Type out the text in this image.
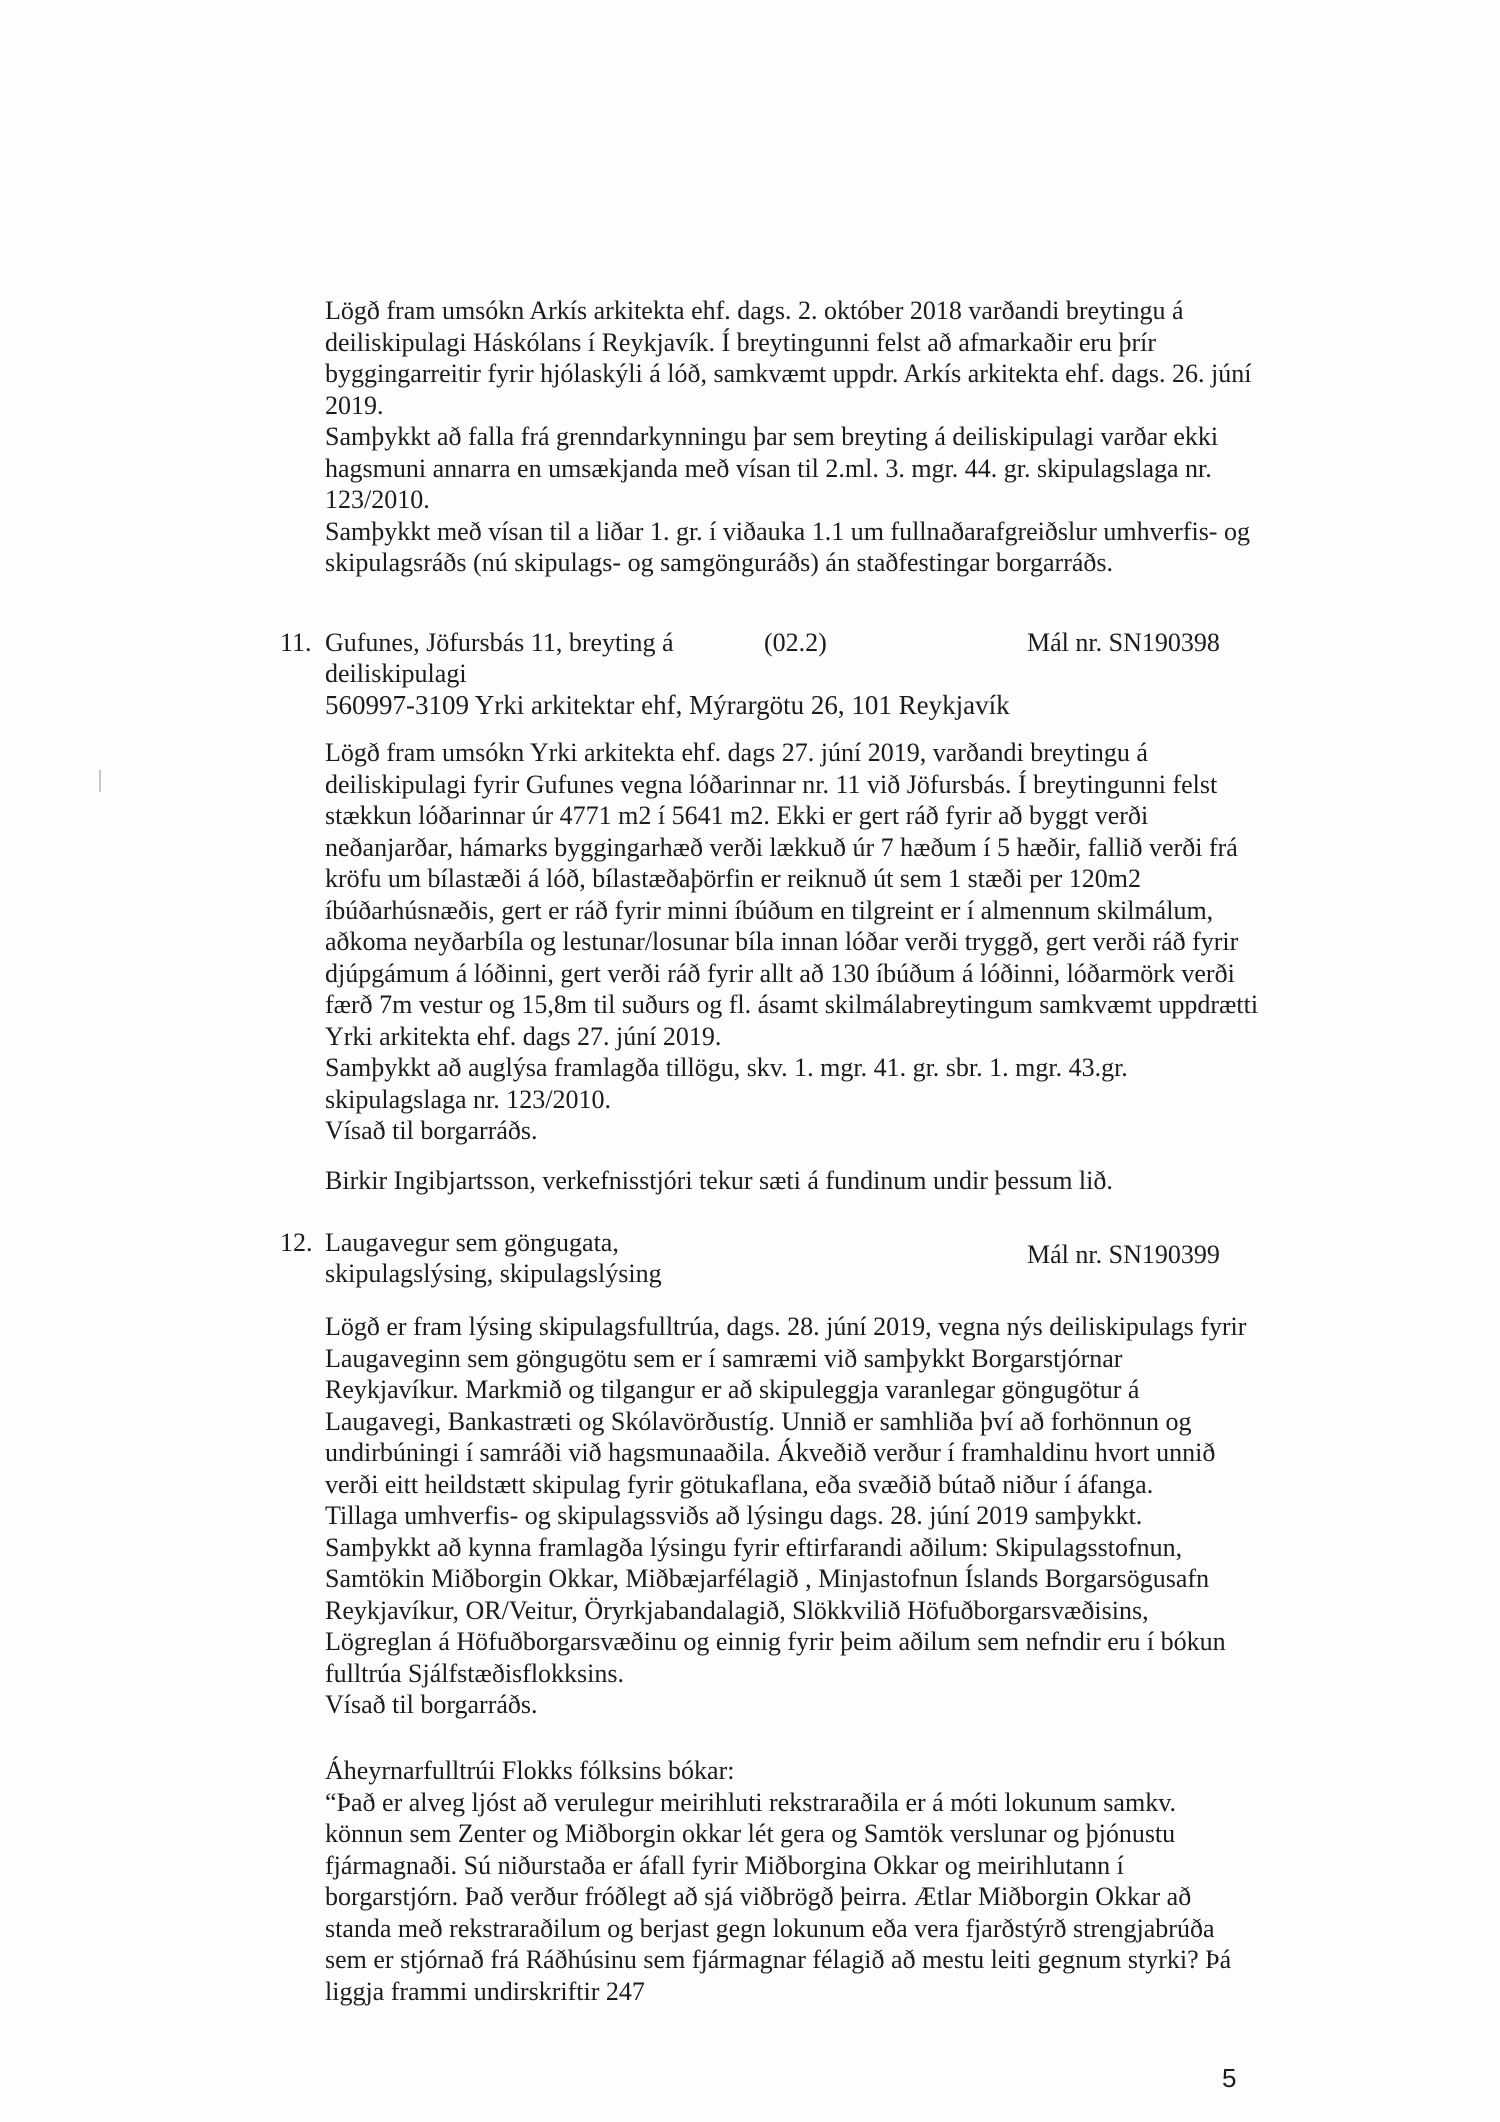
Lögð fram umsókn Arkís arkitekta ehf. dags. 2. október 2018 varðandi breytingu á deiliskipulagi Háskólans í Reykjavík. Í breytingunni felst að afmarkaðir eru þrír byggingarreitir fyrir hjólaskýli á lóð, samkvæmt uppdr. Arkís arkitekta ehf. dags. 26. júní 2019.

Samþykkt að falla frá grenndarkynningu þar sem breyting á deiliskipulagi varðar ekki hagsmuni annarra en umsækjanda með vísan til 2.ml. 3. mgr. 44. gr. skipulagslaga nr. 123/2010.

Samþykkt með vísan til a liðar 1. gr. í viðauka 1.1 um fullnaðarafgreiðslur umhverfis- og skipulagsráðs (nú skipulags- og samgönguráðs) án staðfestingar borgarráðs.

11. Gufunes, Jöfursbás 11, breyting á deiliskipulagi
(02.2)	Mál nr. SN190398
560997-3109 Yrki arkitektar ehf, Mýrargötu 26, 101 Reykjavík

Lögð fram umsókn Yrki arkitekta ehf. dags 27. júní 2019, varðandi breytingu á deiliskipulagi fyrir Gufunes vegna lóðarinnar nr. 11 við Jöfursbás. Í breytingunni felst stækkun lóðarinnar úr 4771 m2 í 5641 m2. Ekki er gert ráð fyrir að byggt verði neðanjarðar, hámarks byggingarhæð verði lækkuð úr 7 hæðum í 5 hæðir, fallið verði frá kröfu um bílastæði á lóð, bílastæðaþörfin er reiknuð út sem 1 stæði per 120m2 íbúðarhúsnæðis, gert er ráð fyrir minni íbúðum en tilgreint er í almennum skilmálum, aðkoma neyðarbíla og lestunar/losunar bíla innan lóðar verði tryggð, gert verði ráð fyrir djúpgámum á lóðinni, gert verði ráð fyrir allt að 130 íbúðum á lóðinni, lóðarmörk verði færð 7m vestur og 15,8m til suðurs og fl. ásamt skilmálabreytingum samkvæmt uppdrætti Yrki arkitekta ehf. dags 27. júní 2019.

Samþykkt að auglýsa framlagða tillögu, skv. 1. mgr. 41. gr. sbr. 1. mgr. 43.gr. skipulagslaga nr. 123/2010.

Vísað til borgarráðs.

Birkir Ingibjartsson, verkefnisstjóri tekur sæti á fundinum undir þessum lið.

12. Laugavegur sem göngugata, skipulagslýsing, skipulagslýsing
Mál nr. SN190399

Lögð er fram lýsing skipulagsfulltrúa, dags. 28. júní 2019, vegna nýs deiliskipulags fyrir Laugaveginn sem göngugötu sem er í samræmi við samþykkt Borgarstjórnar Reykjavíkur. Markmið og tilgangur er að skipuleggja varanlegar göngugötur á Laugavegi, Bankastræti og Skólavörðustíg. Unnið er samhliða því að forhönnun og undirbúningi í samráði við hagsmunaaðila. Ákveðið verður í framhaldinu hvort unnið verði eitt heildstætt skipulag fyrir götukaflana, eða svæðið bútað niður í áfanga.

Tillaga umhverfis- og skipulagssviðs að lýsingu dags. 28. júní 2019 samþykkt.

Samþykkt að kynna framlagða lýsingu fyrir eftirfarandi aðilum: Skipulagsstofnun, Samtökin Miðborgin Okkar, Miðbæjarfélagið , Minjastofnun Íslands Borgarsögusafn Reykjavíkur, OR/Veitur, Öryrkjabandalagið, Slökkvilið Höfuðborgarsvæðisins, Lögreglan á Höfuðborgarsvæðinu og einnig fyrir þeim aðilum sem nefndir eru í bókun fulltrúa Sjálfstæðisflokksins.

Vísað til borgarráðs.

Áheyrnarfulltrúi Flokks fólksins bókar:

“Það er alveg ljóst að verulegur meirihluti rekstraraðila er á móti lokunum samkv. könnun sem Zenter og Miðborgin okkar lét gera og Samtök verslunar og þjónustu fjármagnaði. Sú niðurstaða er áfall fyrir Miðborgina Okkar og meirihlutann í borgarstjórn. Það verður fróðlegt að sjá viðbrögð þeirra. Ætlar Miðborgin Okkar að standa með rekstraraðilum og berjast gegn lokunum eða vera fjarðstýrð strengjabrúða sem er stjórnað frá Ráðhúsinu sem fjármagnar félagið að mestu leiti gegnum styrki? Þá liggja frammi undirskriftir 247

5
